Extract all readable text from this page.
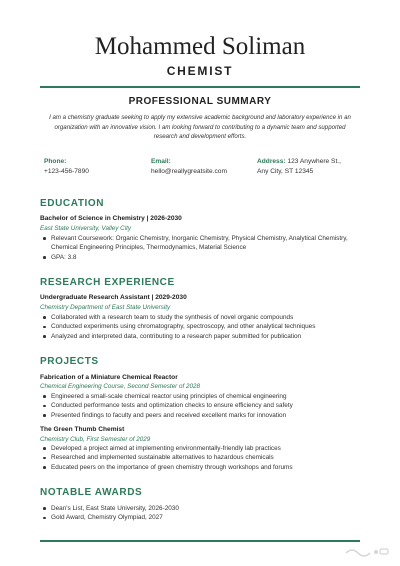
Mohammed Soliman
CHEMIST
PROFESSIONAL SUMMARY
I am a chemistry graduate seeking to apply my extensive academic background and laboratory experience in an organization with an innovative vision. I am looking forward to contributing to a dynamic team and supported research and development efforts.
Phone:
+123-456-7890
Email:
hello@reallygreatsite.com
Address: 123 Anywhere St.,
Any City, ST 12345
EDUCATION
Bachelor of Science in Chemistry | 2026-2030
East State University, Valley City
Relevant Coursework: Organic Chemistry, Inorganic Chemistry, Physical Chemistry, Analytical Chemistry, Chemical Engineering Principles, Thermodynamics, Material Science
GPA: 3.8
RESEARCH EXPERIENCE
Undergraduate Research Assistant | 2029-2030
Chemistry Department of East State University
Collaborated with a research team to study the synthesis of novel organic compounds
Conducted experiments using chromatography, spectroscopy, and other analytical techniques
Analyzed and interpreted data, contributing to a research paper submitted for publication
PROJECTS
Fabrication of a Miniature Chemical Reactor
Chemical Engineering Course, Second Semester of 2028
Engineered a small-scale chemical reactor using principles of chemical engineering
Conducted performance tests and optimization checks to ensure efficiency and safety
Presented findings to faculty and peers and received excellent marks for innovation
The Green Thumb Chemist
Chemistry Club, First Semester of 2029
Developed a project aimed at implementing environmentally-friendly lab practices
Researched and implemented sustainable alternatives to hazardous chemicals
Educated peers on the importance of green chemistry through workshops and forums
NOTABLE AWARDS
Dean's List, East State University, 2026-2030
Gold Award, Chemistry Olympiad, 2027
